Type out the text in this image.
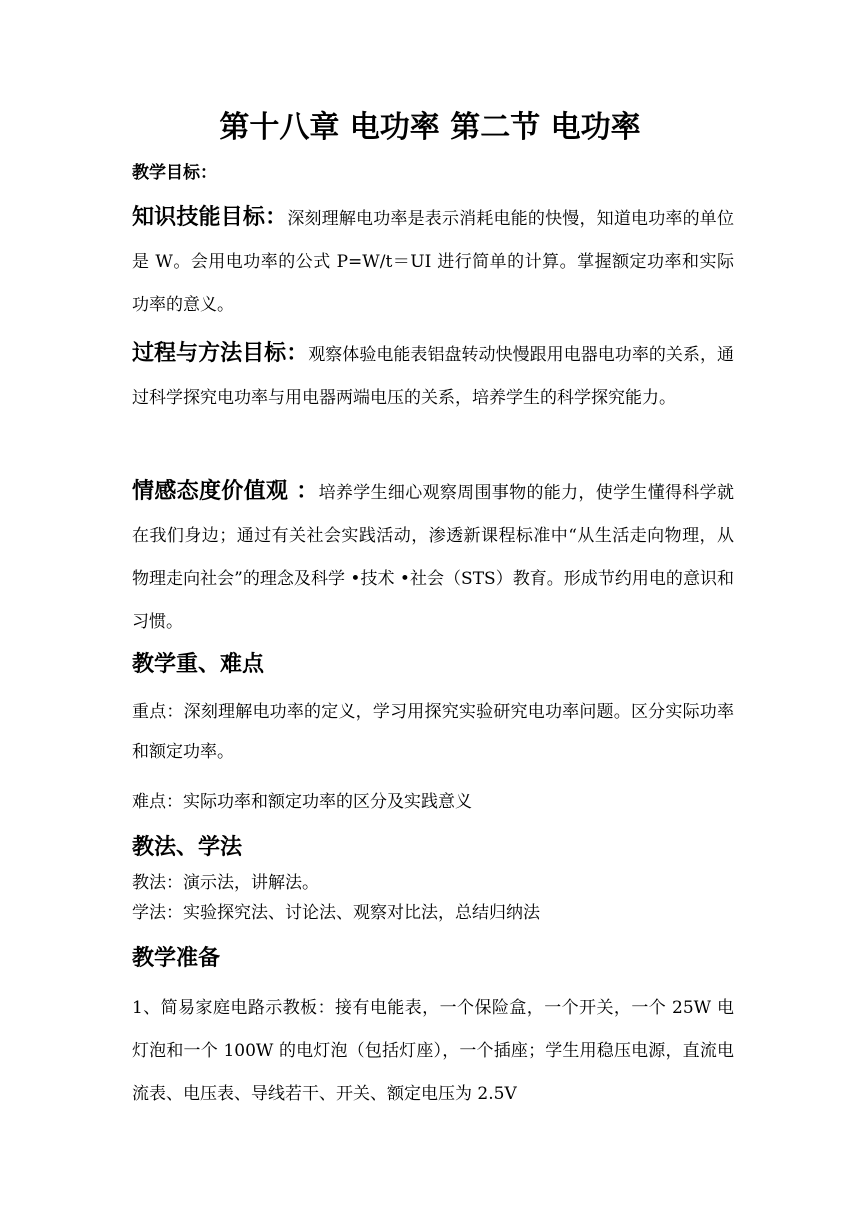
第十八章 电功率 第二节 电功率

教学目标：

知识技能目标：深刻理解电功率是表示消耗电能的快慢，知道电功率的单位是 W。会用电功率的公式 P=W/t＝UI 进行简单的计算。掌握额定功率和实际功率的意义。

过程与方法目标：观察体验电能表铝盘转动快慢跟用电器电功率的关系，通过科学探究电功率与用电器两端电压的关系，培养学生的科学探究能力。

情感态度价值观 ：培养学生细心观察周围事物的能力，使学生懂得科学就在我们身边；通过有关社会实践活动，渗透新课程标准中“从生活走向物理，从物理走向社会”的理念及科学 •技术 •社会（STS）教育。形成节约用电的意识和习惯。

教学重、难点

重点：深刻理解电功率的定义，学习用探究实验研究电功率问题。区分实际功率和额定功率。

难点：实际功率和额定功率的区分及实践意义

教法、学法

教法：演示法，讲解法。

学法：实验探究法、讨论法、观察对比法，总结归纳法

教学准备

1、简易家庭电路示教板：接有电能表，一个保险盒，一个开关，一个 25W 电灯泡和一个 100W 的电灯泡（包括灯座），一个插座；学生用稳压电源，直流电流表、电压表、导线若干、开关、额定电压为 2.5V
